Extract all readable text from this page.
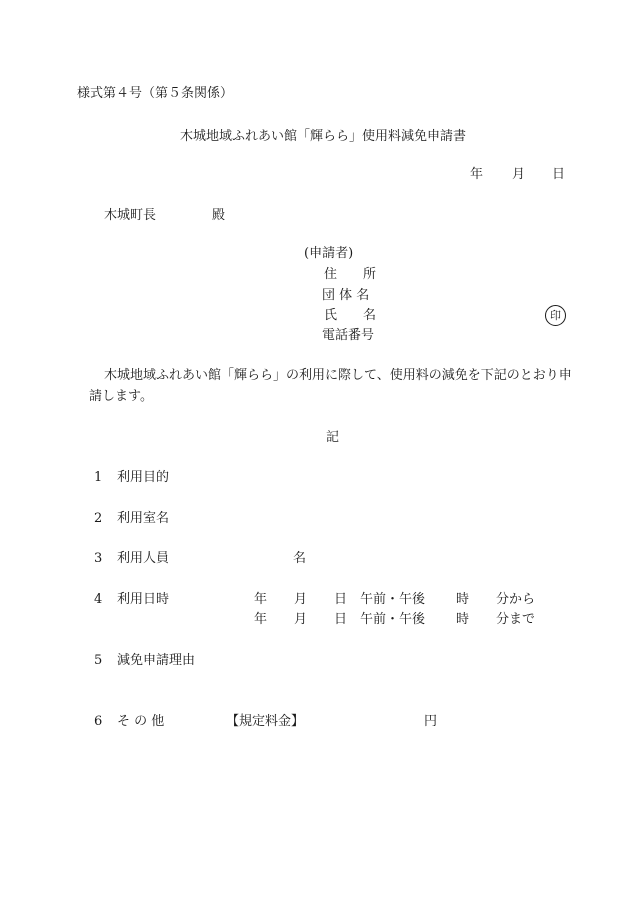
様式第４号（第５条関係）
木城地域ふれあい館「輝らら」使用料減免申請書
年 月 日
木城町長	殿
(申請者)
住　　所
団 体 名
氏　　名	印
電話番号
木城地域ふれあい館「輝らら」の利用に際して、使用料の減免を下記のとおり申
請します。
記
1 利用目的
2 利用室名
3 利用人員	名
4 利用日時	年 月 日 午前・午後 時 分から
年 月 日 午前・午後 時 分まで
5 減免申請理由
6 そ の 他	【規定料金】	円
